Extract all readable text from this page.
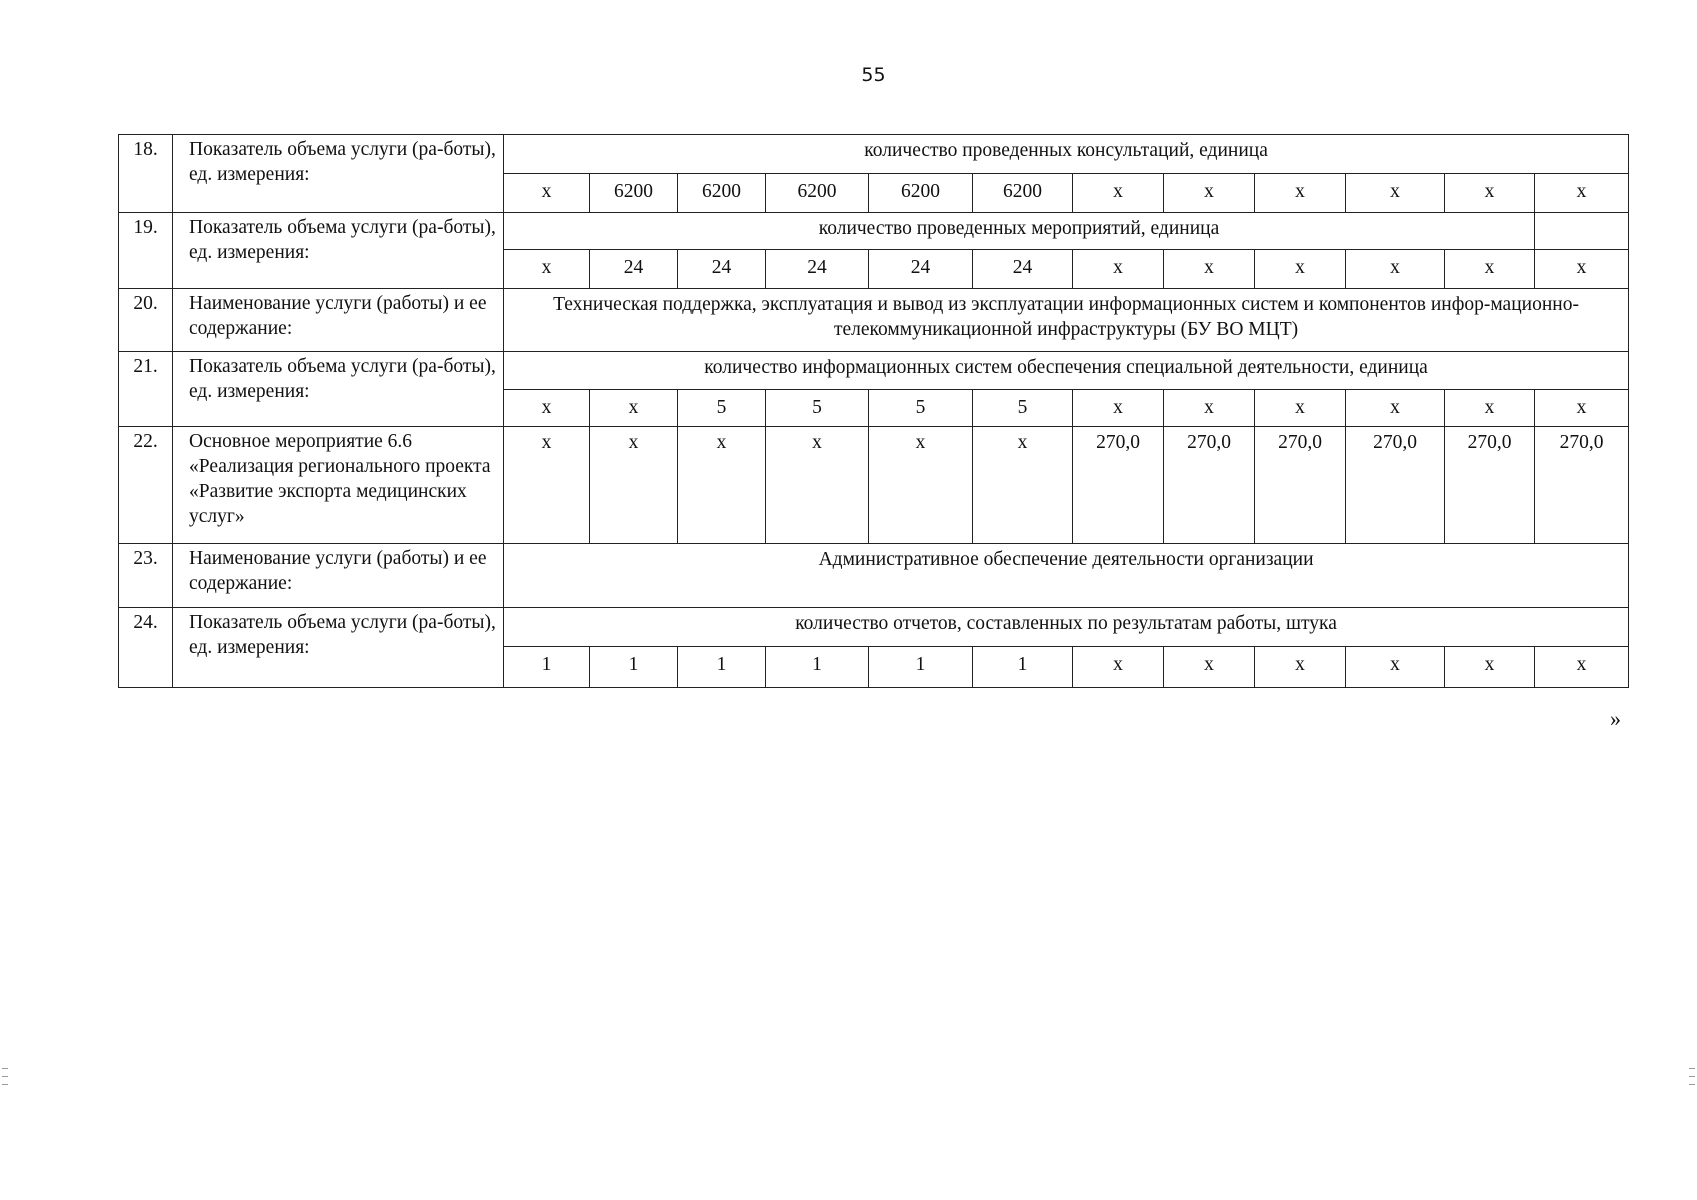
55
18.	Показатель объема услуги (ра-боты), ед. измерения:	количество проведенных консультаций, единица											
		х	6200	6200	6200	6200	6200	х	х	х	х	х	х
19.	Показатель объема услуги (ра-боты), ед. измерения:	количество проведенных мероприятий, единица											
		х	24	24	24	24	24	х	х	х	х	х	х
20.	Наименование услуги (работы) и ее содержание:	Техническая поддержка, эксплуатация и вывод из эксплуатации информационных систем и компонентов инфор-мационно-телекоммуникационной инфраструктуры (БУ ВО МЦТ)											
21.	Показатель объема услуги (ра-боты), ед. измерения:	количество информационных систем обеспечения специальной деятельности, единица											
		х	х	5	5	5	5	х	х	х	х	х	х
22.	Основное мероприятие 6.6 «Реализация регионального проекта «Развитие экспорта медицинских услуг»	х	х	х	х	х	х	270,0	270,0	270,0	270,0	270,0	270,0
23.	Наименование услуги (работы) и ее содержание:	Административное обеспечение деятельности организации											
24.	Показатель объема услуги (ра-боты), ед. измерения:	количество отчетов, составленных по результатам работы, штука											
		1	1	1	1	1	1	х	х	х	х	х	х
»
